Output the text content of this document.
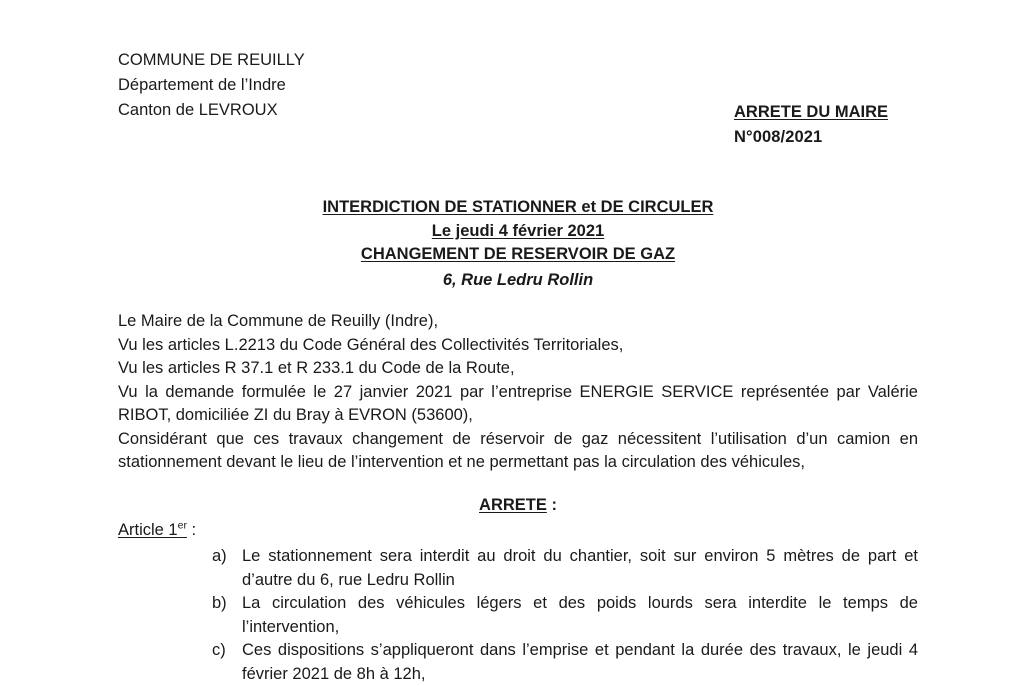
COMMUNE DE REUILLY
Département de l’Indre
Canton de LEVROUX	ARRETE DU MAIRE
N°008/2021
INTERDICTION DE STATIONNER et DE CIRCULER
Le jeudi 4 février 2021
CHANGEMENT DE RESERVOIR DE GAZ
6, Rue Ledru Rollin
Le Maire de la Commune de Reuilly (Indre),
Vu les articles L.2213 du Code Général des Collectivités Territoriales,
Vu les articles R 37.1 et R 233.1 du Code de la Route,
Vu la demande formulée le 27 janvier 2021 par l’entreprise ENERGIE SERVICE représentée par Valérie RIBOT, domiciliée ZI du Bray à EVRON (53600),
Considérant que ces travaux changement de réservoir de gaz nécessitent l’utilisation d’un camion en stationnement devant le lieu de l’intervention et ne permettant pas la circulation des véhicules,
ARRETE :
Article 1er :
a) Le stationnement sera interdit au droit du chantier, soit sur environ 5 mètres de part et d’autre du 6, rue Ledru Rollin
b) La circulation des véhicules légers et des poids lourds sera interdite le temps de l’intervention,
c) Ces dispositions s’appliqueront dans l’emprise et pendant la durée des travaux, le jeudi 4 février 2021 de 8h à 12h,
